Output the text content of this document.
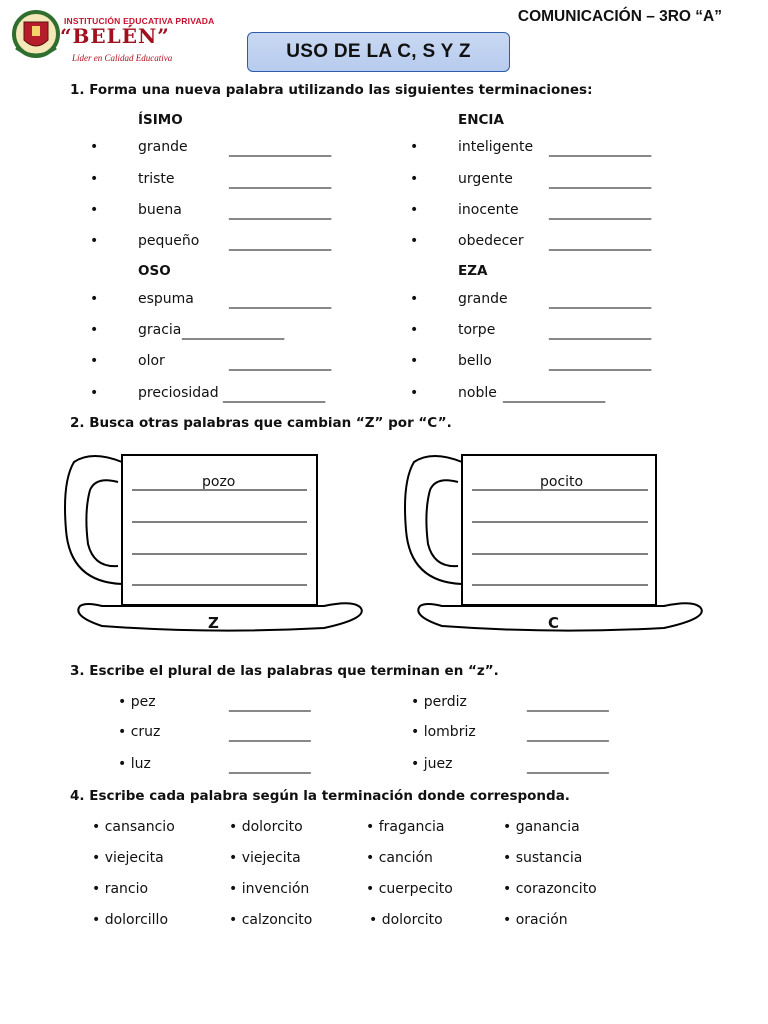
INSTITUCIÓN EDUCATIVA PRIVADA
“BELÉN”
Líder en Calidad Educativa
COMUNICACIÓN – 3RO “A”
USO DE LA C, S Y Z
1. Forma una nueva palabra utilizando las siguientes terminaciones:
ÍSIMO
•	grande	_______________
•	triste	_______________
•	buena	_______________
•	pequeño _______________
ENCIA
•	inteligente _______________
•	urgente	_______________
•	inocente _______________
•	obedecer _______________
OSO
•	espuma	_______________
•	gracia _______________
•	olor	_______________
•	preciosidad _______________
EZA
•	grande	_______________
•	torpe	_______________
•	bello	_______________
•	noble _______________
2. Busca otras palabras que cambian “Z” por “C”.
pozo
Z
pocito
C
3. Escribe el plural de las palabras que terminan en “z”.
• pez	____________
• cruz	____________
• luz	____________
• perdiz	____________
• lombriz	____________
• juez	____________
4. Escribe cada palabra según la terminación donde corresponda.
• cansancio	• dolorcito	• fragancia	• ganancia
• viejecita	• viejecita	• canción	• sustancia
• rancio	• invención	• cuerpecito	• corazoncito
• dolorcillo	• calzoncito	• dolorcito	• oración
